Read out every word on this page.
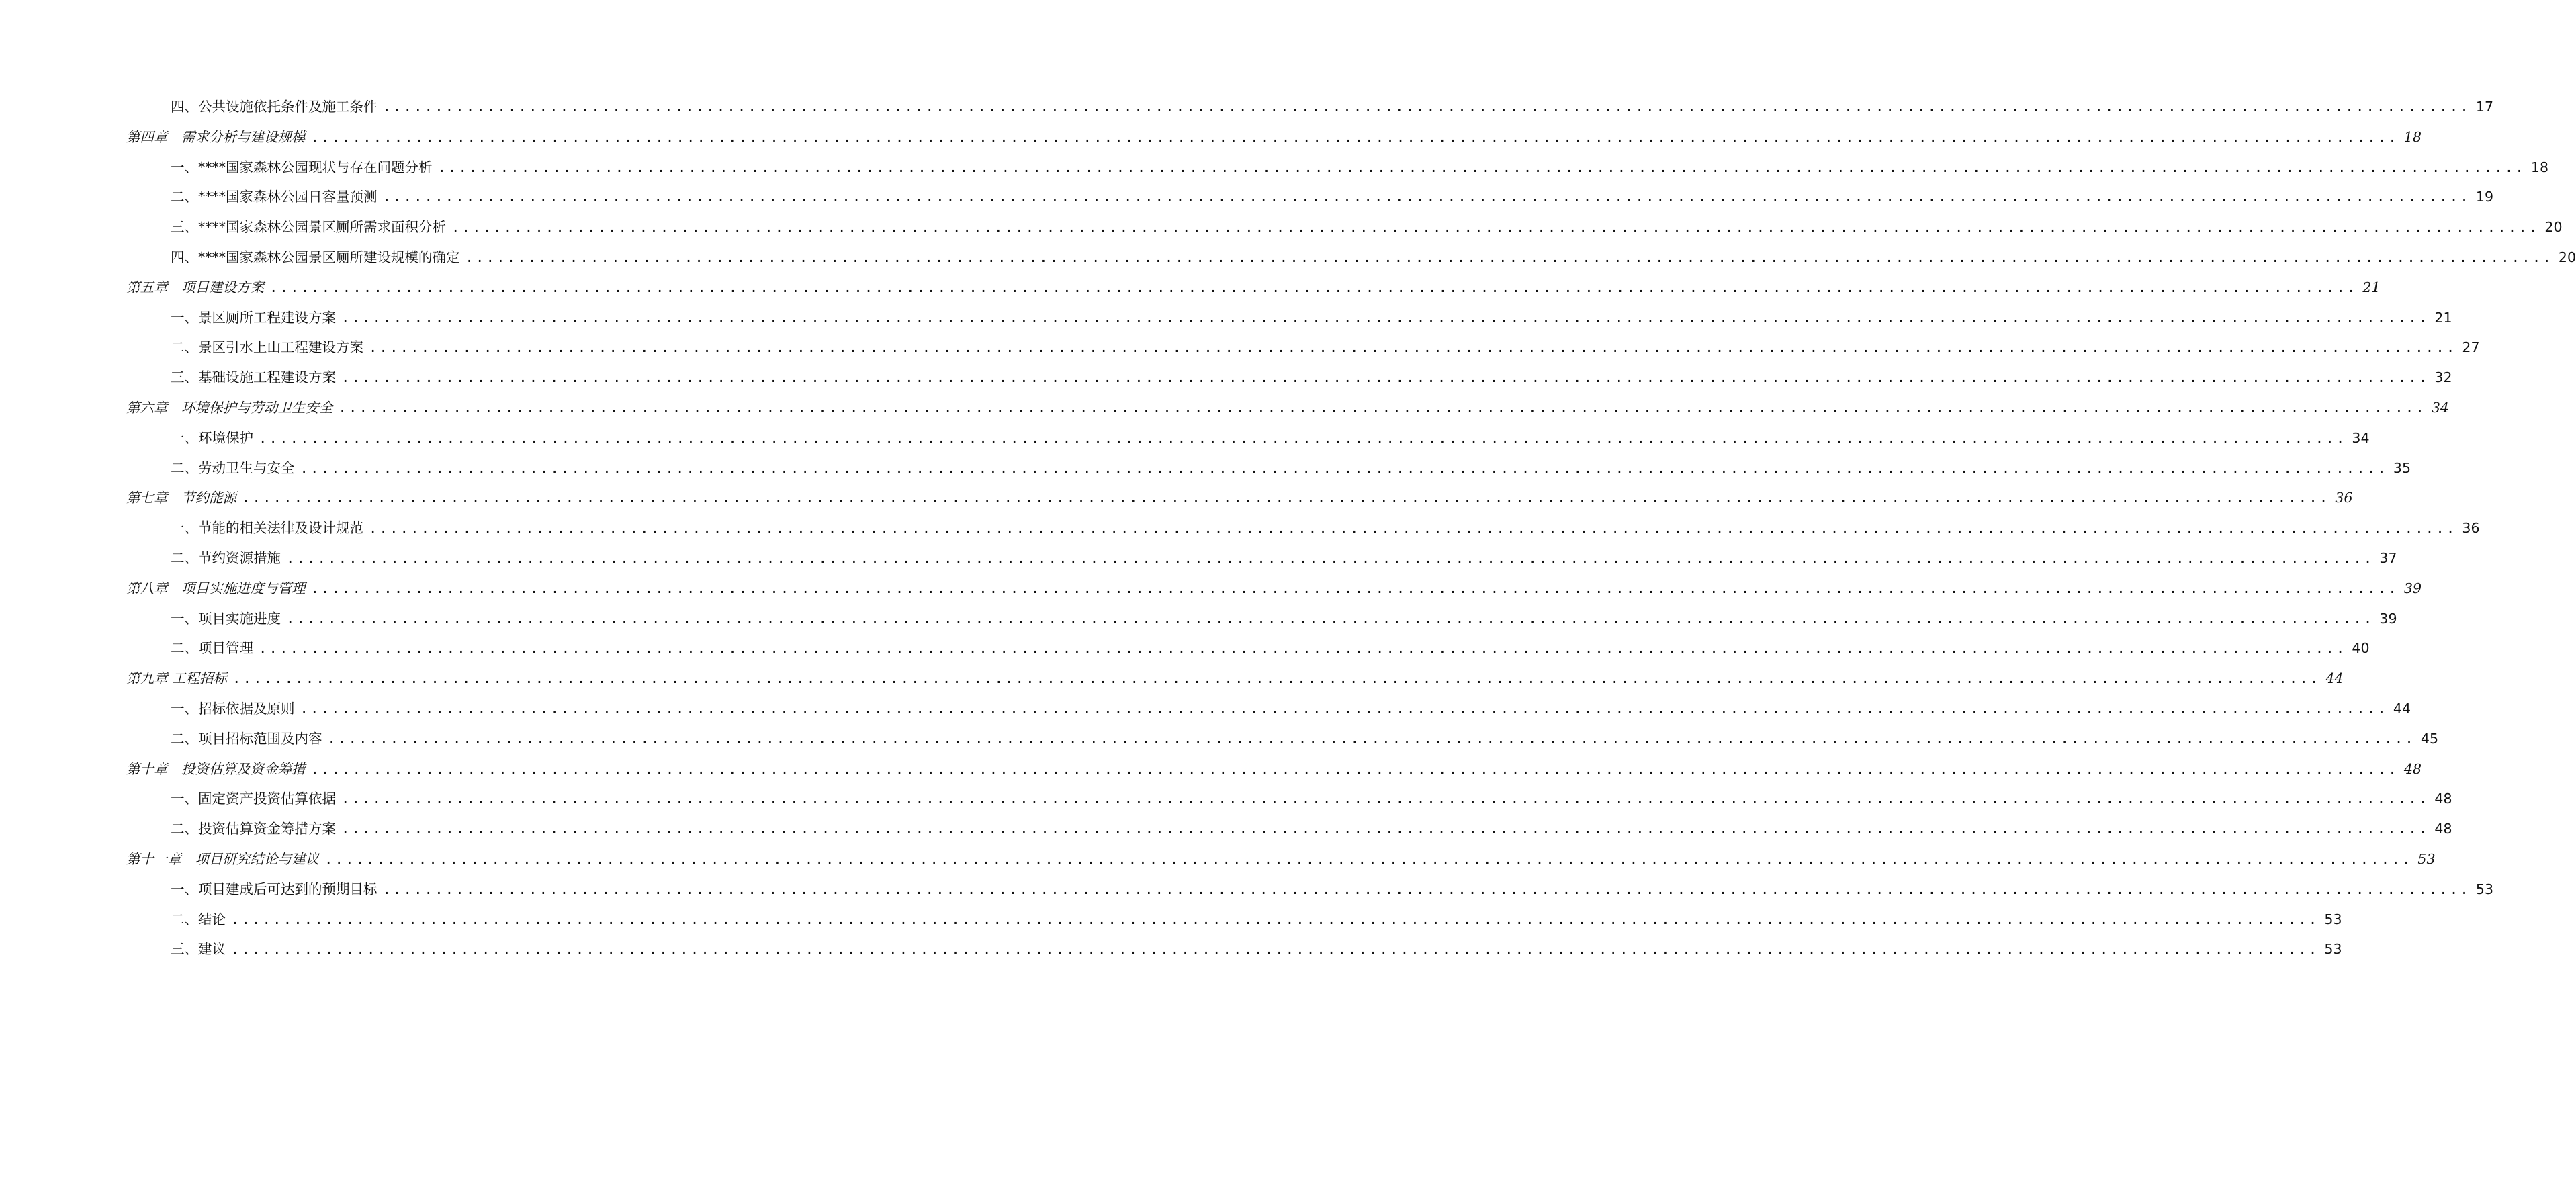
四、公共设施依托条件及施工条件 ........................................................................................................................................................................................................ 17
第四章　需求分析与建设规模 ........................................................................................................................................................................................................ 18
一、****国家森林公园现状与存在问题分析 ........................................................................................................................................................................................................ 18
二、****国家森林公园日容量预测 ........................................................................................................................................................................................................ 19
三、****国家森林公园景区厕所需求面积分析 ........................................................................................................................................................................................................ 20
四、****国家森林公园景区厕所建设规模的确定 ........................................................................................................................................................................................................ 20
第五章　项目建设方案 ........................................................................................................................................................................................................ 21
一、景区厕所工程建设方案 ........................................................................................................................................................................................................ 21
二、景区引水上山工程建设方案 ........................................................................................................................................................................................................ 27
三、基础设施工程建设方案 ........................................................................................................................................................................................................ 32
第六章　环境保护与劳动卫生安全 ........................................................................................................................................................................................................ 34
一、环境保护 ........................................................................................................................................................................................................ 34
二、劳动卫生与安全 ........................................................................................................................................................................................................ 35
第七章　节约能源 ........................................................................................................................................................................................................ 36
一、节能的相关法律及设计规范 ........................................................................................................................................................................................................ 36
二、节约资源措施 ........................................................................................................................................................................................................ 37
第八章　项目实施进度与管理 ........................................................................................................................................................................................................ 39
一、项目实施进度 ........................................................................................................................................................................................................ 39
二、项目管理 ........................................................................................................................................................................................................ 40
第九章 工程招标 ........................................................................................................................................................................................................ 44
一、招标依据及原则 ........................................................................................................................................................................................................ 44
二、项目招标范围及内容 ........................................................................................................................................................................................................ 45
第十章　投资估算及资金筹措 ........................................................................................................................................................................................................ 48
一、固定资产投资估算依据 ........................................................................................................................................................................................................ 48
二、投资估算资金筹措方案 ........................................................................................................................................................................................................ 48
第十一章　项目研究结论与建议 ........................................................................................................................................................................................................ 53
一、项目建成后可达到的预期目标 ........................................................................................................................................................................................................ 53
二、结论 ........................................................................................................................................................................................................ 53
三、建议 ........................................................................................................................................................................................................ 53
